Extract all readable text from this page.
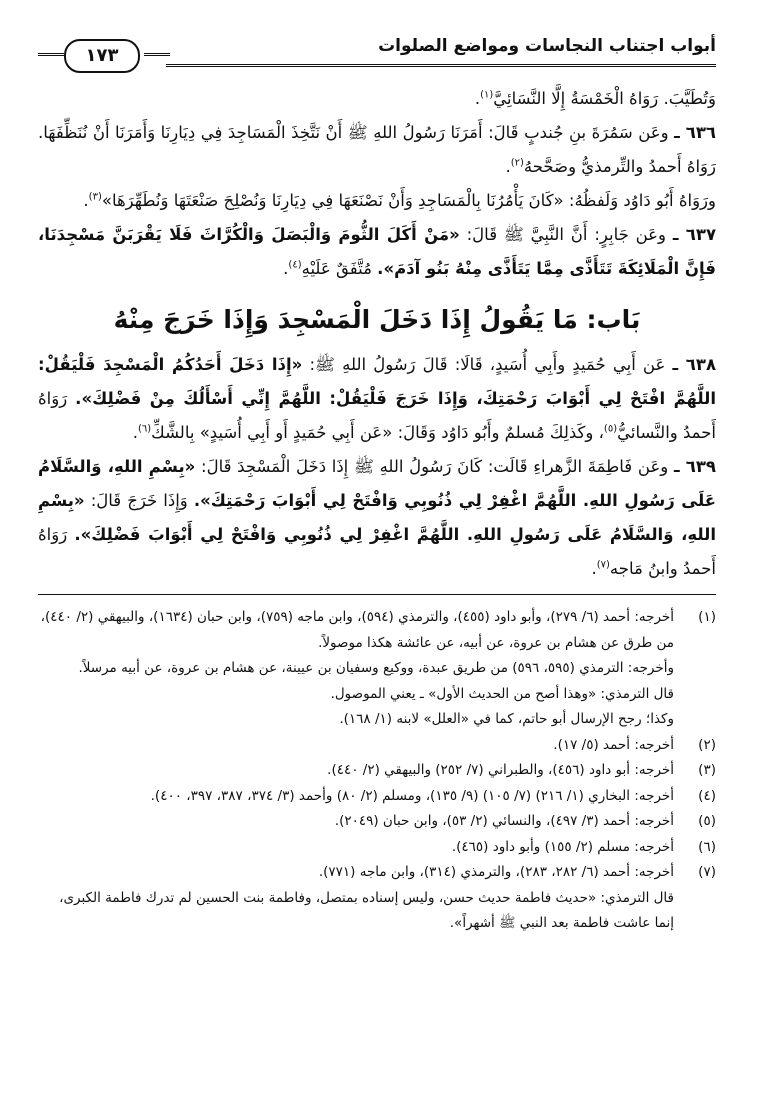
أبواب اجتناب النجاسات ومواضع الصلوات
١٧٣

وَتُطَيَّبَ. رَوَاهُ الْخَمْسَةُ إِلَّا النَّسَائِيَّ$^{(١)}$.

٦٣٦ ـ وعَن سَمُرَةَ بنِ جُندبٍ قَالَ: أَمَرَنَا رَسُولُ اللهِ ﷺ أَنْ نَتَّخِذَ الْمَسَاجِدَ فِي دِيَارِنَا وَأَمَرَنَا أَنْ نُنَظِّفَهَا. رَوَاهُ أَحمدُ والتِّرمذيُّ وصَحَّحهُ$^{(٢)}$.

ورَوَاهُ أَبُو دَاوُد وَلَفظُهُ: «كَانَ يَأْمُرُنَا بِالْمَسَاجِدِ وَأَنْ نَصْنَعَهَا فِي دِيَارِنَا وَنُصْلِحَ صَنْعَتَهَا وَنُطَهِّرَهَا»$^{(٣)}$.

٦٣٧ ـ وعَن جَابِرٍ: أَنَّ النَّبِيَّ ﷺ قَالَ: «مَنْ أَكَلَ الثُّومَ وَالْبَصَلَ وَالْكُرَّاثَ فَلَا يَقْرَبَنَّ مَسْجِدَنَا، فَإِنَّ الْمَلَائِكَةَ تَتَأَذَّى مِمَّا يَتَأَذَّى مِنْهُ بَنُو آدَمَ». مُتَّفَقٌ عَلَيْهِ$^{(٤)}$.

بَاب: مَا يَقُولُ إِذَا دَخَلَ الْمَسْجِدَ وَإِذَا خَرَجَ مِنْهُ

٦٣٨ ـ عَن أَبِي حُمَيدٍ وأَبِي أُسَيدٍ، قَالَا: قَالَ رَسُولُ اللهِ ﷺ: «إِذَا دَخَلَ أَحَدُكُمُ الْمَسْجِدَ فَلْيَقُلْ: اللَّهُمَّ افْتَحْ لِي أَبْوَابَ رَحْمَتِكَ، وَإِذَا خَرَجَ فَلْيَقُلْ: اللَّهُمَّ إِنِّي أَسْأَلُكَ مِنْ فَضْلِكَ». رَوَاهُ أَحمدُ والنَّسائيُّ$^{(٥)}$، وكَذلِكَ مُسلمٌ وأَبُو دَاوُد وَقَالَ: «عَن أَبِي حُمَيدٍ أَو أَبِي أُسَيدٍ» بِالشَّكِّ$^{(٦)}$.

٦٣٩ ـ وعَن فَاطِمَةَ الزَّهراءِ قَالَت: كَانَ رَسُولُ اللهِ ﷺ إِذَا دَخَلَ الْمَسْجِدَ قَالَ: «بِسْمِ اللهِ، وَالسَّلَامُ عَلَى رَسُولِ اللهِ. اللَّهُمَّ اغْفِرْ لِي ذُنُوبِي وَافْتَحْ لِي أَبْوَابَ رَحْمَتِكَ». وَإِذَا خَرَجَ قَالَ: «بِسْمِ اللهِ، وَالسَّلَامُ عَلَى رَسُولِ اللهِ. اللَّهُمَّ اغْفِرْ لِي ذُنُوبِي وَافْتَحْ لِي أَبْوَابَ فَضْلِكَ». رَوَاهُ أَحمدُ وابنُ مَاجه$^{(٧)}$.

(١)
أخرجه: أحمد (٦/ ٢٧٩)، وأبو داود (٤٥٥)، والترمذي (٥٩٤)، وابن ماجه (٧٥٩)، وابن حبان (١٦٣٤)، والبيهقي (٢/ ٤٤٠)، من طرق عن هشام بن عروة، عن أبيه، عن عائشة هكذا موصولاً.
وأخرجه: الترمذي (٥٩٥، ٥٩٦) من طريق عبدة، ووكيع وسفيان بن عيينة، عن هشام بن عروة، عن أبيه مرسلاً.
قال الترمذي: «وهذا أصح من الحديث الأول» ـ يعني الموصول.
وكذا؛ رجح الإرسال أبو حاتم، كما في «العلل» لابنه (١/ ١٦٨).
(٢)
أخرجه: أحمد (٥/ ١٧).
(٣)
أخرجه: أبو داود (٤٥٦)، والطبراني (٧/ ٢٥٢) والبيهقي (٢/ ٤٤٠).
(٤)
أخرجه: البخاري (١/ ٢١٦) (٧/ ١٠٥) (٩/ ١٣٥)، ومسلم (٢/ ٨٠) وأحمد (٣/ ٣٧٤، ٣٨٧، ٣٩٧، ٤٠٠).
(٥)
أخرجه: أحمد (٣/ ٤٩٧)، والنسائي (٢/ ٥٣)، وابن حبان (٢٠٤٩).
(٦)
أخرجه: مسلم (٢/ ١٥٥) وأبو داود (٤٦٥).
(٧)
أخرجه: أحمد (٦/ ٢٨٢، ٢٨٣)، والترمذي (٣١٤)، وابن ماجه (٧٧١).
قال الترمذي: «حديث فاطمة حديث حسن، وليس إسناده بمتصل، وفاطمة بنت الحسين لم تدرك فاطمة الكبرى، إنما عاشت فاطمة بعد النبي ﷺ أشهراً».
